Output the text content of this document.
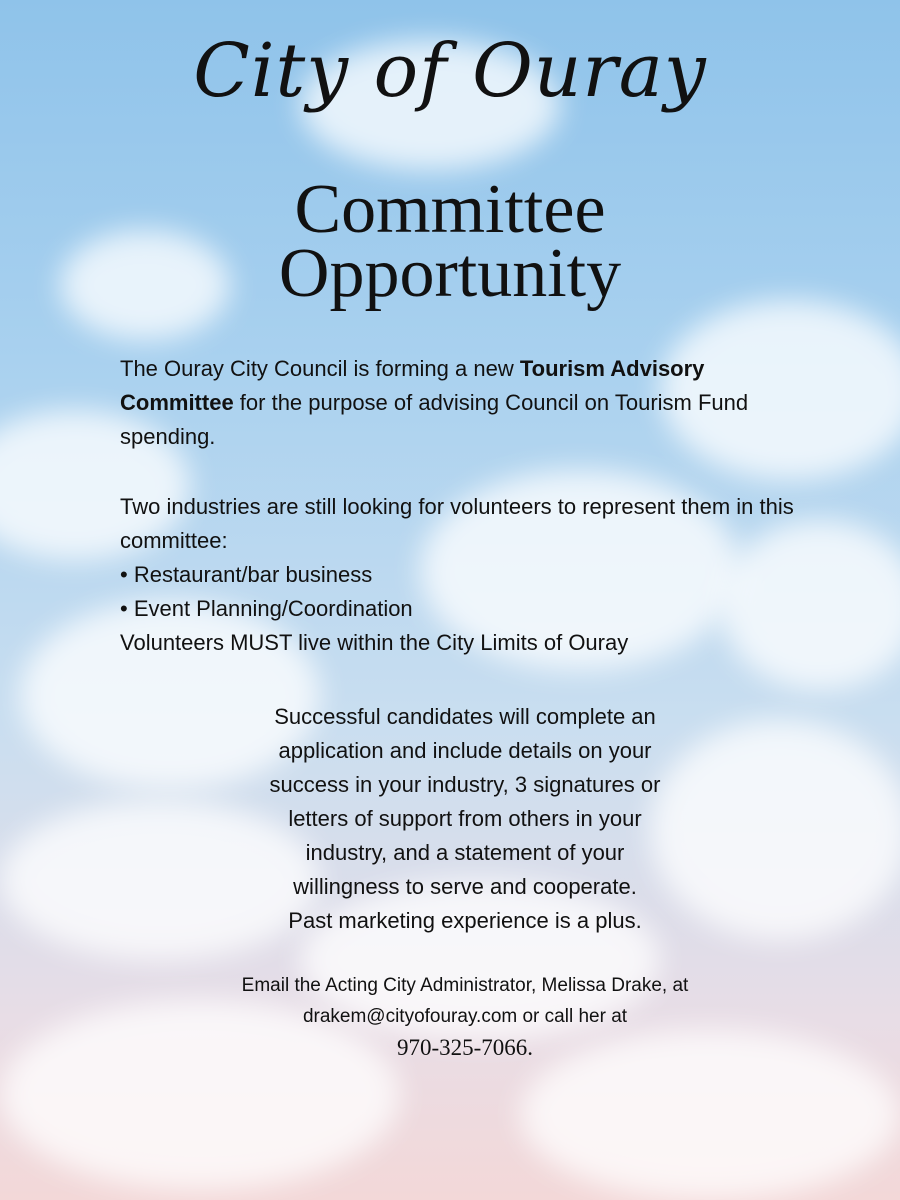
City of Ouray
Committee
Opportunity
The Ouray City Council is forming a new Tourism Advisory Committee for the purpose of advising Council on Tourism Fund spending.
Two industries are still looking for volunteers to represent them in this committee:
• Restaurant/bar business
• Event Planning/Coordination
Volunteers MUST live within the City Limits of Ouray
Successful candidates will complete an
application and include details on your
success in your industry, 3 signatures or
letters of support from others in your
industry, and a statement of your
willingness to serve and cooperate.
Past marketing experience is a plus.
Email the Acting City Administrator, Melissa Drake, at
drakem@cityofouray.com or call her at
970-325-7066.
